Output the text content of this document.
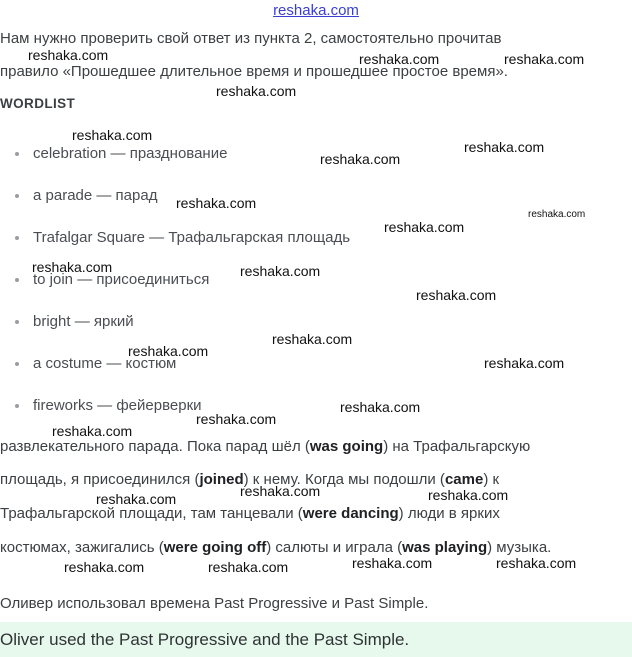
reshaka.com
Нам нужно проверить свой ответ из пункта 2, самостоятельно прочитав
правило «Прошедшее длительное время и прошедшее простое время».
WORDLIST
celebration — празднование
a parade — парад
Trafalgar Square — Трафальгарская площадь
to join — присоединиться
bright — яркий
a costume — костюм
fireworks — фейерверки
развлекательного парада. Пока парад шёл (was going) на Трафальгарскую
площадь, я присоединился (joined) к нему. Когда мы подошли (came) к
Трафальгарской площади, там танцевали (were dancing) люди в ярких
костюмах, зажигались (were going off) салюты и играла (was playing) музыка.
Оливер использовал времена Past Progressive и Past Simple.
Oliver used the Past Progressive and the Past Simple.
reshaka.com	reshaka.com	reshaka.com
reshaka.com
reshaka.com
reshaka.com
reshaka.com
reshaka.com
reshaka.com
reshaka.com
reshaka.com	reshaka.com
reshaka.com
reshaka.com
reshaka.com
reshaka.com
reshaka.com
reshaka.com
reshaka.com
reshaka.com	reshaka.com
reshaka.com
reshaka.com	reshaka.com
reshaka.com	reshaka.com
